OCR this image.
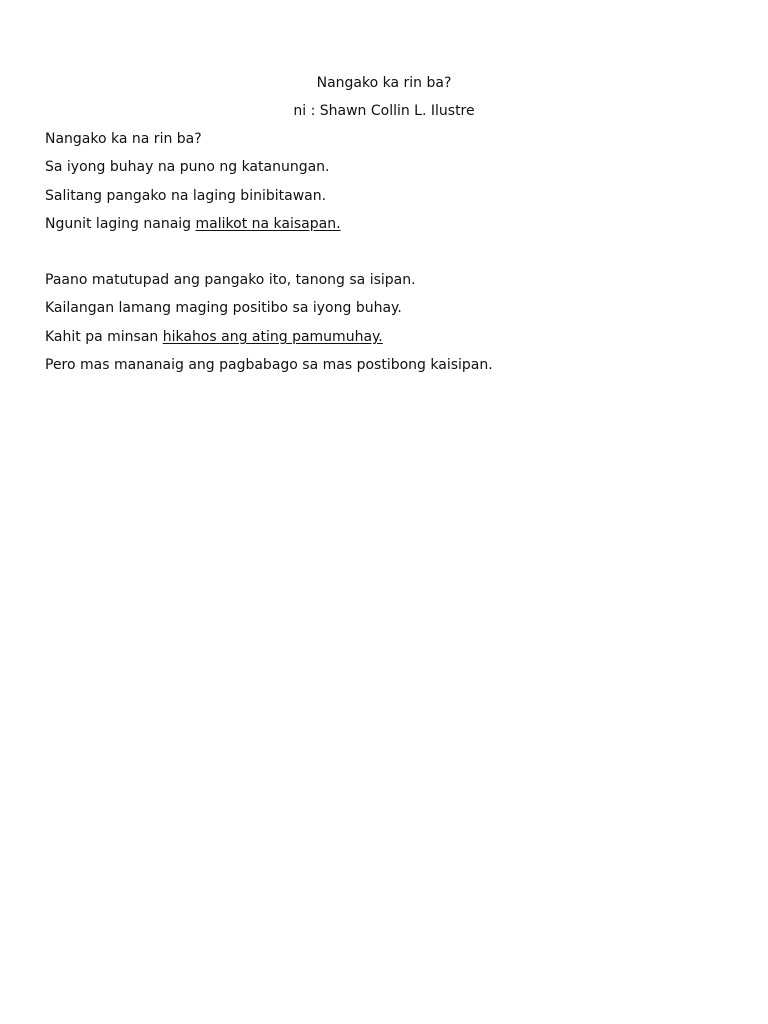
Nangako ka rin ba?
ni : Shawn Collin L. Ilustre
Nangako ka na rin ba?
Sa iyong buhay na puno ng katanungan.
Salitang pangako na laging binibitawan.
Ngunit laging nanaig malikot na kaisapan.
Paano matutupad ang pangako ito, tanong sa isipan.
Kailangan lamang maging positibo sa iyong buhay.
Kahit pa minsan hikahos ang ating pamumuhay.
Pero mas mananaig ang pagbabago sa mas postibong kaisipan.
